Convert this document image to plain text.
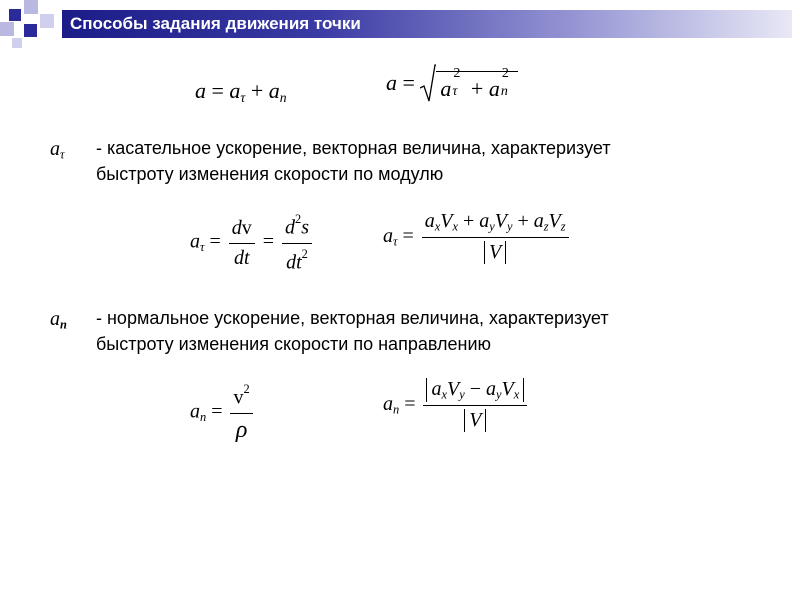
Способы задания движения точки
$a = a_\tau + a_n$
a = a τ
2
+ a n
2
$a_\tau$ - касательное ускорение, векторная величина, характеризует
быстроту изменения скорости по модулю
$a_\tau = \frac{dv}{dt} = \frac{d^2s}{dt^2}$	$a_\tau = \frac{a_xV_x + a_yV_y + a_zV_z}{V}$
$a_n$ - нормальное ускорение, векторная величина, характеризует
быстроту изменения скорости по направлению
$a_n = \frac{v^2}{\rho}$	$a_n = \frac{a_xV_y - a_yV_x}{V}$
